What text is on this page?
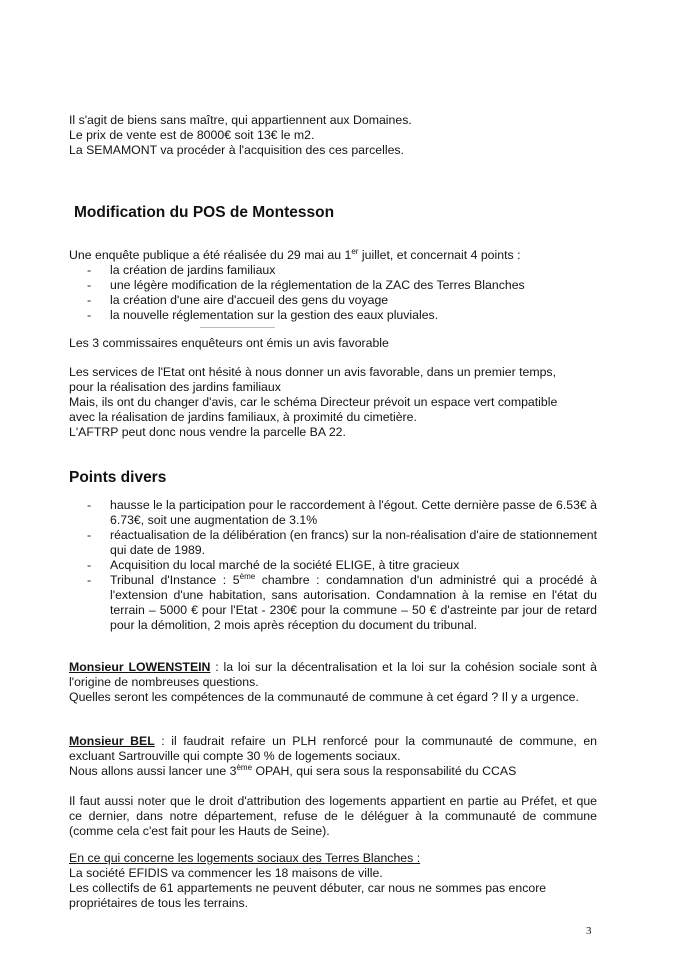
Il s'agit de biens sans maître, qui appartiennent aux Domaines.
Le prix de vente est de 8000€ soit 13€ le m2.
La SEMAMONT va procéder à l'acquisition des ces parcelles.
Modification du POS de Montesson
Une enquête publique a été réalisée du 29 mai au 1er juillet, et concernait 4 points :
- la création de jardins familiaux
- une légère modification de la réglementation de la ZAC des Terres Blanches
- la création d'une aire d'accueil des gens du voyage
- la nouvelle réglementation sur la gestion des eaux pluviales.
Les 3 commissaires enquêteurs ont émis un avis favorable
Les services de l'Etat ont hésité à nous donner un avis favorable, dans un premier temps,
pour la réalisation des jardins familiaux
Mais, ils ont du changer d'avis, car le schéma Directeur prévoit un espace vert compatible
avec la réalisation de jardins familiaux, à proximité du cimetière.
L'AFTRP peut donc nous vendre la parcelle BA 22.
Points divers
- hausse le la participation pour le raccordement à l'égout. Cette dernière passe de 6.53€ à 6.73€, soit une augmentation de 3.1%
- réactualisation de la délibération (en francs) sur la non-réalisation d'aire de stationnement qui date de 1989.
- Acquisition du local marché de la société ELIGE, à titre gracieux
- Tribunal d'Instance : 5ème chambre : condamnation d'un administré qui a procédé à l'extension d'une habitation, sans autorisation. Condamnation à la remise en l'état du terrain – 5000 € pour l'Etat - 230€ pour la commune – 50 € d'astreinte par jour de retard pour la démolition, 2 mois après réception du document du tribunal.
Monsieur LOWENSTEIN : la loi sur la décentralisation et la loi sur la cohésion sociale sont à l'origine de nombreuses questions.
Quelles seront les compétences de la communauté de commune à cet égard ? Il y a urgence.
Monsieur BEL : il faudrait refaire un PLH renforcé pour la communauté de commune, en excluant Sartrouville qui compte 30 % de logements sociaux.
Nous allons aussi lancer une 3ème OPAH, qui sera sous la responsabilité du CCAS
Il faut aussi noter que le droit d'attribution des logements appartient en partie au Préfet, et que ce dernier, dans notre département, refuse de le déléguer à la communauté de commune (comme cela c'est fait pour les Hauts de Seine).
En ce qui concerne les logements sociaux des Terres Blanches :
La société EFIDIS va commencer les 18 maisons de ville.
Les collectifs de 61 appartements ne peuvent débuter, car nous ne sommes pas encore propriétaires de tous les terrains.
3
